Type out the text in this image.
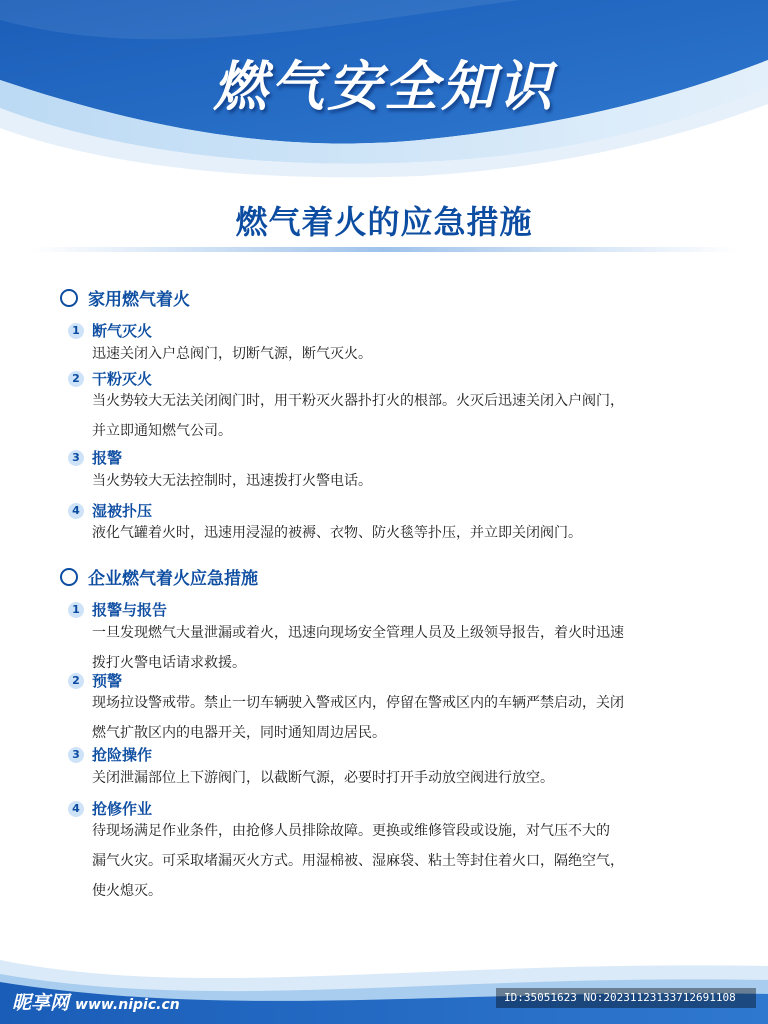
燃气安全知识
燃气着火的应急措施
家用燃气着火
1 断气灭火
迅速关闭入户总阀门，切断气源，断气灭火。
2 干粉灭火
当火势较大无法关闭阀门时，用干粉灭火器扑打火的根部。火灭后迅速关闭入户阀门，
并立即通知燃气公司。
3 报警
当火势较大无法控制时，迅速拨打火警电话。
4 湿被扑压
液化气罐着火时，迅速用浸湿的被褥、衣物、防火毯等扑压，并立即关闭阀门。
企业燃气着火应急措施
1 报警与报告
一旦发现燃气大量泄漏或着火，迅速向现场安全管理人员及上级领导报告，着火时迅速
拨打火警电话请求救援。
2 预警
现场拉设警戒带。禁止一切车辆驶入警戒区内，停留在警戒区内的车辆严禁启动，关闭
燃气扩散区内的电器开关，同时通知周边居民。
3 抢险操作
关闭泄漏部位上下游阀门，以截断气源，必要时打开手动放空阀进行放空。
4 抢修作业
待现场满足作业条件，由抢修人员排除故障。更换或维修管段或设施，对气压不大的
漏气火灾。可采取堵漏灭火方式。用湿棉被、湿麻袋、粘土等封住着火口，隔绝空气，
使火熄灭。
昵享网 www.nipic.cn	ID:35051623 NO:20231123133712691108
